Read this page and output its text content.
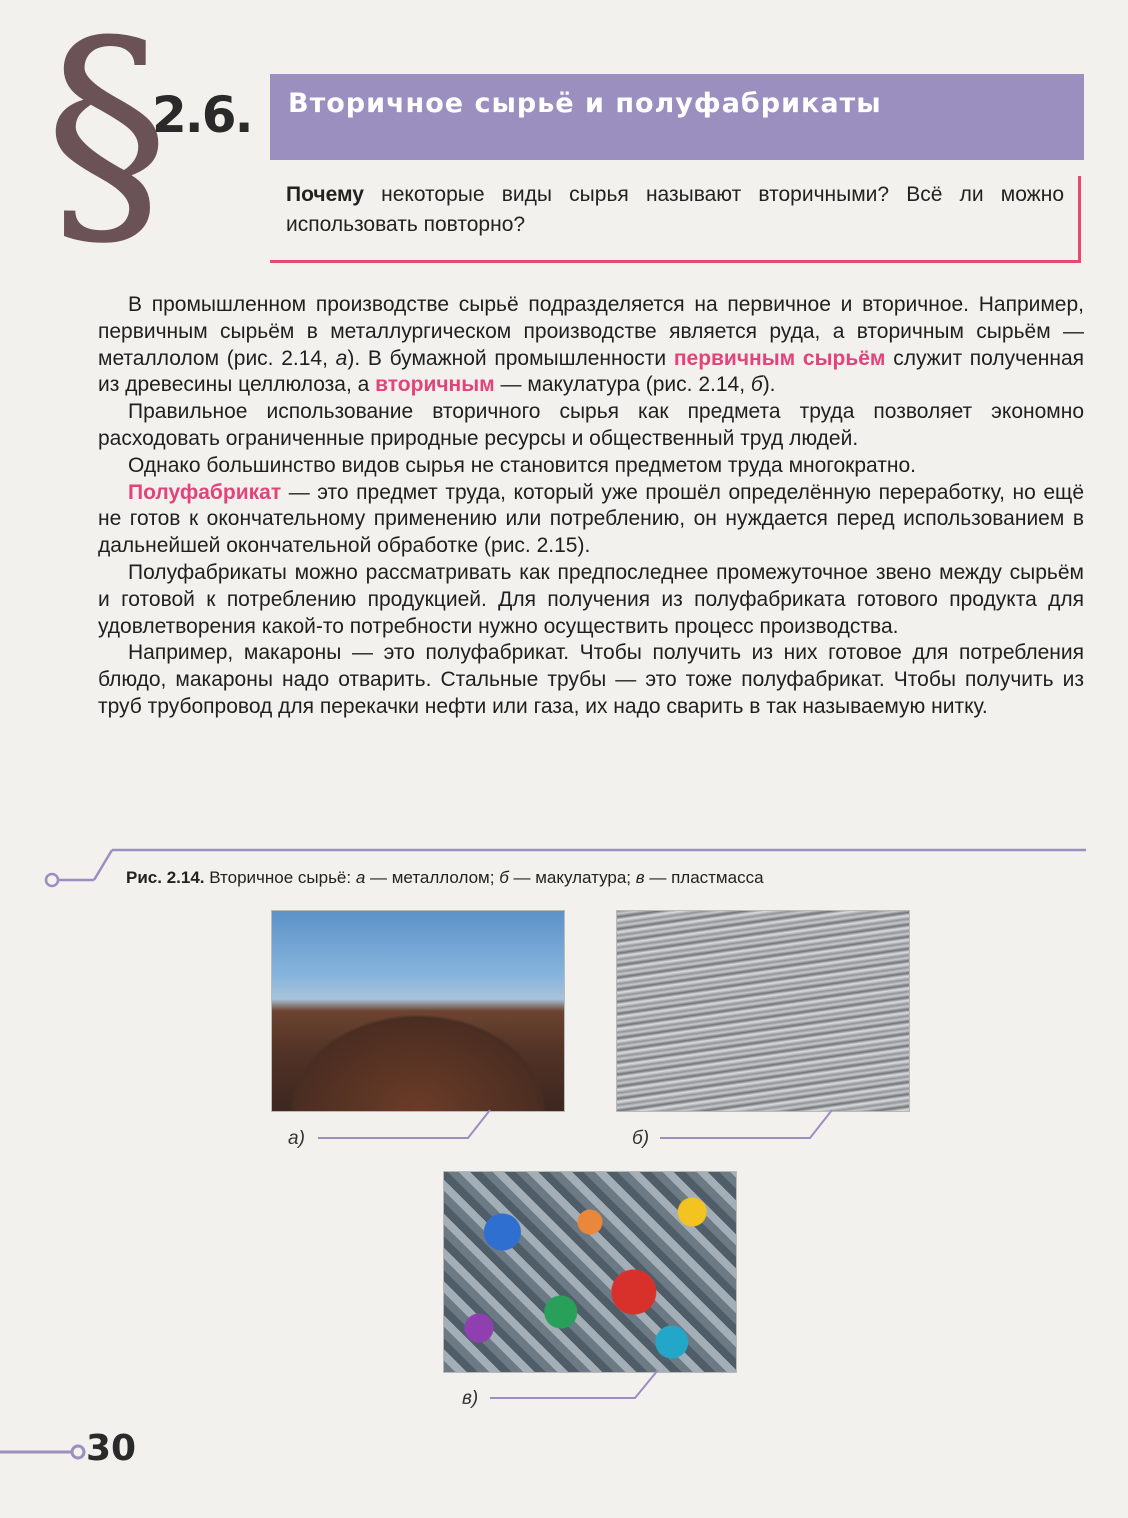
§
2.6. Вторичное сырьё и полуфабрикаты
Почему некоторые виды сырья называют вторичными? Всё ли можно использовать повторно?

В промышленном производстве сырьё подразделяется на первичное и вторичное. Например, первичным сырьём в металлургическом производстве является руда, а вторичным сырьём — металлолом (рис. 2.14, а). В бумажной промышленности первичным сырьём служит полученная из древесины целлюлоза, а вторичным — макулатура (рис. 2.14, б).

Правильное использование вторичного сырья как предмета труда позволяет экономно расходовать ограниченные природные ресурсы и общественный труд людей.

Однако большинство видов сырья не становится предметом труда многократно.

Полуфабрикат — это предмет труда, который уже прошёл определённую переработку, но ещё не готов к окончательному применению или потреблению, он нуждается перед использованием в дальнейшей окончательной обработке (рис. 2.15).

Полуфабрикаты можно рассматривать как предпоследнее промежуточное звено между сырьём и готовой к потреблению продукцией. Для получения из полуфабриката готового продукта для удовлетворения какой-то потребности нужно осуществить процесс производства.

Например, макароны — это полуфабрикат. Чтобы получить из них готовое для потребления блюдо, макароны надо отварить. Стальные трубы — это тоже полуфабрикат. Чтобы получить из труб трубопровод для перекачки нефти или газа, их надо сварить в так называемую нитку.

Рис. 2.14. Вторичное сырьё: а — металлолом; б — макулатура; в — пластмасса
а)	б)
в)
30
